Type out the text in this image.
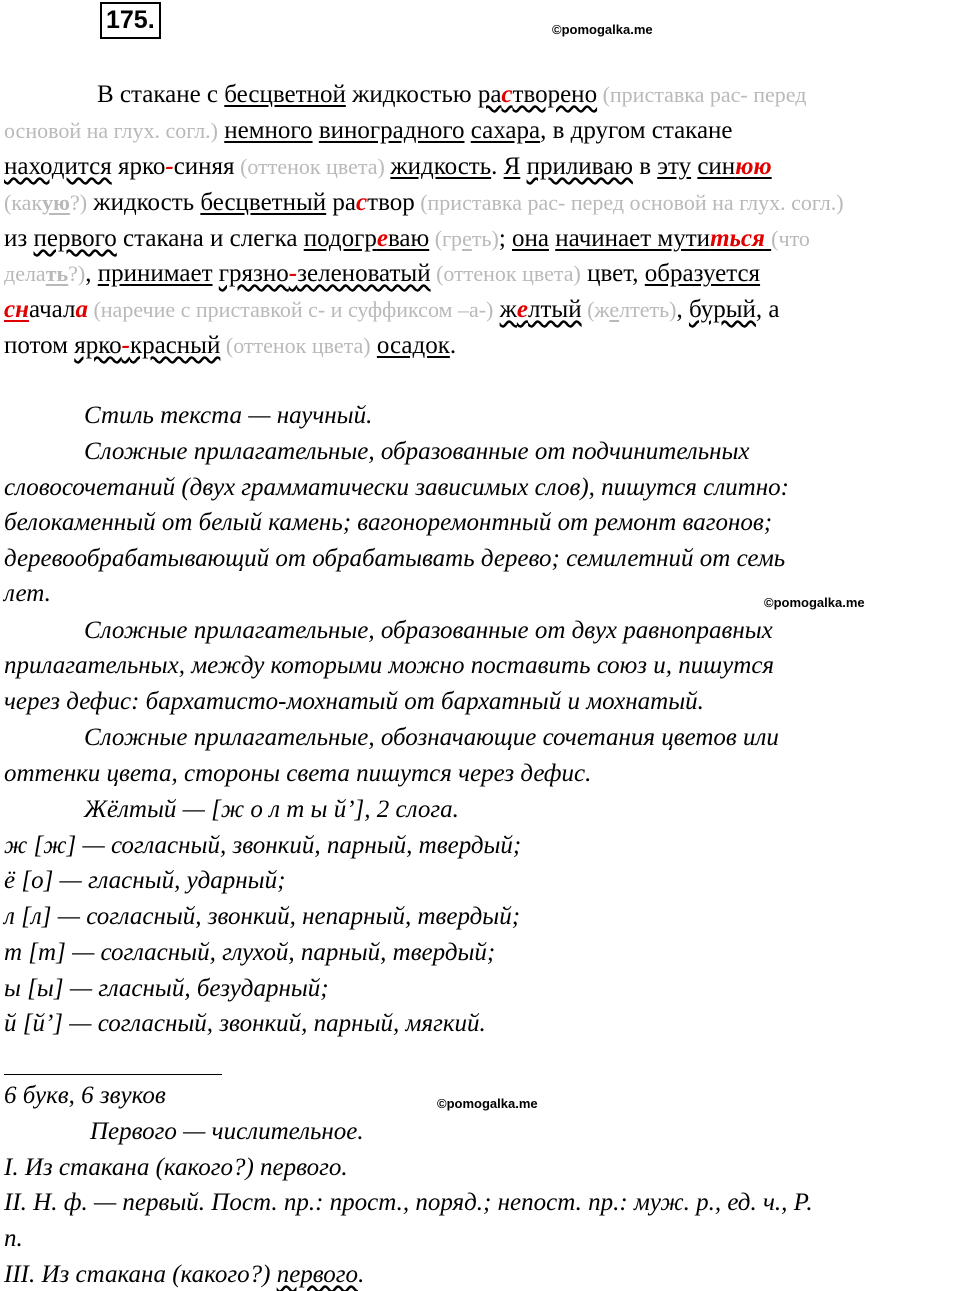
175.	©pomogalka.me
В стакане с бесцветной жидкостью растворено (приставка рас- перед
основой на глух. согл.) немного виноградного сахара, в другом стакане
находится ярко-синяя (оттенок цвета) жидкость. Я приливаю в эту синюю
(какую?) жидкость бесцветный раствор (приставка рас- перед основой на глух. согл.)
из первого стакана и слегка подогреваю (греть); она начинает мутиться (что
делать?), принимает грязно-зеленоватый (оттенок цвета) цвет, образуется
сначала (наречие с приставкой с- и суффиксом –а-) желтый (желтеть), бурый, а
потом ярко-красный (оттенок цвета) осадок.
Стиль текста — научный.
Сложные прилагательные, образованные от подчинительных
словосочетаний (двух грамматически зависимых слов), пишутся слитно:
белокаменный от белый камень; вагоноремонтный от ремонт вагонов;
деревообрабатывающий от обрабатывать дерево; семилетний от семь
лет.	©pomogalka.me
Сложные прилагательные, образованные от двух равноправных
прилагательных, между которыми можно поставить союз и, пишутся
через дефис: бархатисто-мохнатый от бархатный и мохнатый.
Сложные прилагательные, обозначающие сочетания цветов или
оттенки цвета, стороны света пишутся через дефис.
Жёлтый — [ж о л т ы й’], 2 слога.
ж [ж] — согласный, звонкий, парный, твердый;
ё [о] — гласный, ударный;
л [л] — согласный, звонкий, непарный, твердый;
т [т] — согласный, глухой, парный, твердый;
ы [ы] — гласный, безударный;
й [й’] — согласный, звонкий, парный, мягкий.
6 букв, 6 звуков	©pomogalka.me
Первого — числительное.
I. Из стакана (какого?) первого.
II. Н. ф. — первый. Пост. пр.: прост., поряд.; непост. пр.: муж. р., ед. ч., Р.
п.
III. Из стакана (какого?) первого.
